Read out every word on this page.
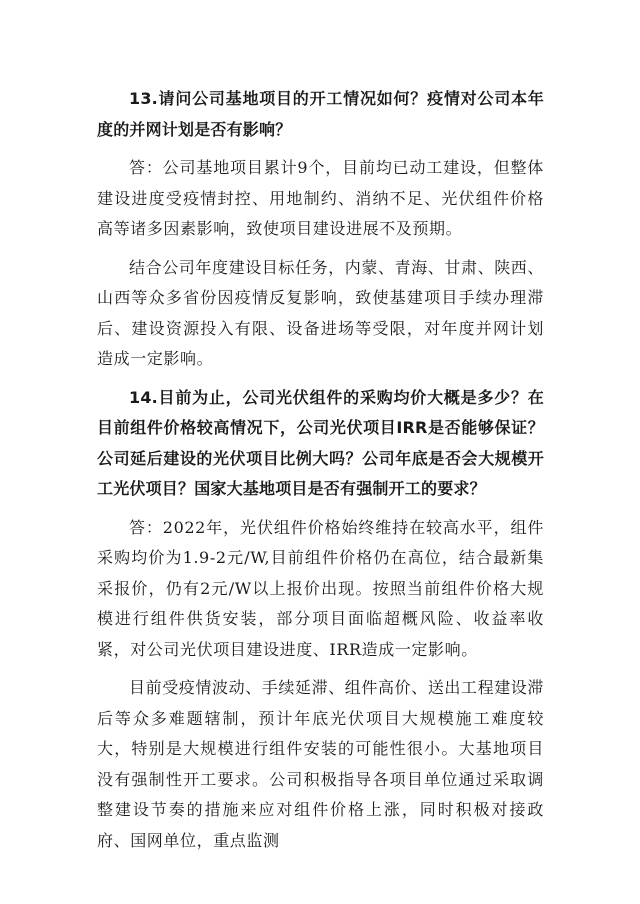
13.请问公司基地项目的开工情况如何？疫情对公司本年度的并网计划是否有影响？

答：公司基地项目累计9个，目前均已动工建设，但整体建设进度受疫情封控、用地制约、消纳不足、光伏组件价格高等诸多因素影响，致使项目建设进展不及预期。

结合公司年度建设目标任务，内蒙、青海、甘肃、陕西、山西等众多省份因疫情反复影响，致使基建项目手续办理滞后、建设资源投入有限、设备进场等受限，对年度并网计划造成一定影响。

14.目前为止，公司光伏组件的采购均价大概是多少？在目前组件价格较高情况下，公司光伏项目IRR是否能够保证？公司延后建设的光伏项目比例大吗？公司年底是否会大规模开工光伏项目？国家大基地项目是否有强制开工的要求？

答：2022年，光伏组件价格始终维持在较高水平，组件采购均价为1.9-2元/W,目前组件价格仍在高位，结合最新集采报价，仍有2元/W以上报价出现。按照当前组件价格大规模进行组件供货安装，部分项目面临超概风险、收益率收紧，对公司光伏项目建设进度、IRR造成一定影响。

目前受疫情波动、手续延滞、组件高价、送出工程建设滞后等众多难题辖制，预计年底光伏项目大规模施工难度较大，特别是大规模进行组件安装的可能性很小。大基地项目没有强制性开工要求。公司积极指导各项目单位通过采取调整建设节奏的措施来应对组件价格上涨，同时积极对接政府、国网单位，重点监测
